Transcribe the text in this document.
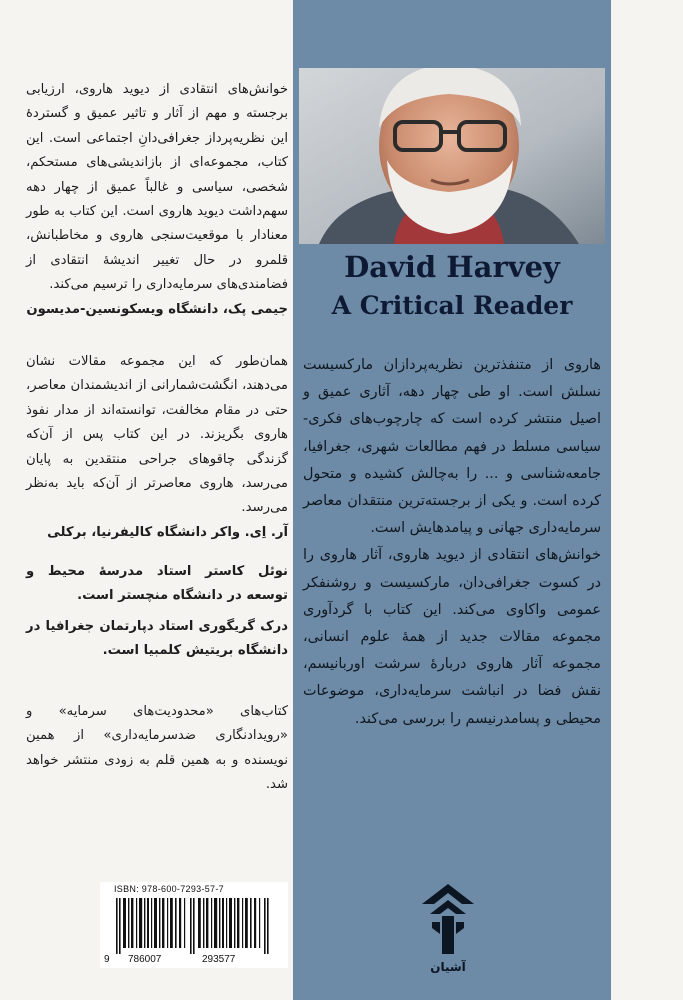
David Harvey
A Critical Reader

هاروی از متنفذترین نظریه‌پردازان مارکسیست نسلش است. او طی چهار دهه، آثاری عمیق و اصیل منتشر کرده است که چارچوب‌های فکری-سیاسی مسلط در فهم مطالعات شهری، جغرافیا، جامعه‌شناسی و ... را به‌چالش کشیده و متحول کرده است. و یکی از برجسته‌ترین منتقدان معاصر سرمایه‌داری جهانی و پیامدهایش است.

خوانش‌های انتقادی از دیوید هاروی، آثار هاروی را در کسوت جغرافی‌دان، مارکسیست و روشنفکر عمومی واکاوی می‌کند. این کتاب با گردآوری مجموعه مقالات جدید از همهٔ علوم انسانی، مجموعه آثار هاروی دربارهٔ سرشت اوربانیسم، نقش فضا در انباشت سرمایه‌داری، موضوعات محیطی و پسامدرنیسم را بررسی می‌کند.

خوانش‌های انتقادی از دیوید هاروی، ارزیابی برجسته و مهم از آثار و تاثیر عمیق و گستردهٔ این نظریه‌پرداز جغرافی‌دانِ اجتماعی است. این کتاب، مجموعه‌ای از بازاندیشی‌های مستحکم، شخصی، سیاسی و غالباً عمیق از چهار دهه سهم‌داشت دیوید هاروی است. این کتاب به طور معنادار با موقعیت‌سنجی هاروی و مخاطبانش، قلمرو در حال تغییر اندیشهٔ انتقادی از فضامندی‌های سرمایه‌داری را ترسیم می‌کند.

جیمی پک، دانشگاه ویسکونسین-مدیسون

همان‌طور که این مجموعه مقالات نشان می‌دهند، انگشت‌شمارانی از اندیشمندان معاصر، حتی در مقام مخالفت، توانسته‌اند از مدار نفوذ هاروی بگریزند. در این کتاب پس از آن‌که گزندگی چاقوهای جراحی منتقدین به پایان می‌رسد، هاروی معاصرتر از آن‌که باید به‌نظر می‌رسد.

آر. اِی. واکر دانشگاه کالیفرنیا، برکلی

نوئل کاستر استاد مدرسهٔ محیط و توسعه در دانشگاه منچستر است.

درک گریگوری استاد دپارتمان جغرافیا در دانشگاه بریتیش کلمبیا است.

کتاب‌های «محدودیت‌های سرمایه» و «رویدادنگاری ضدسرمایه‌داری» از همین نویسنده و به همین قلم به زودی منتشر خواهد شد.

ISBN: 978-600-7293-57-7
9 786007	293577
آشیان
